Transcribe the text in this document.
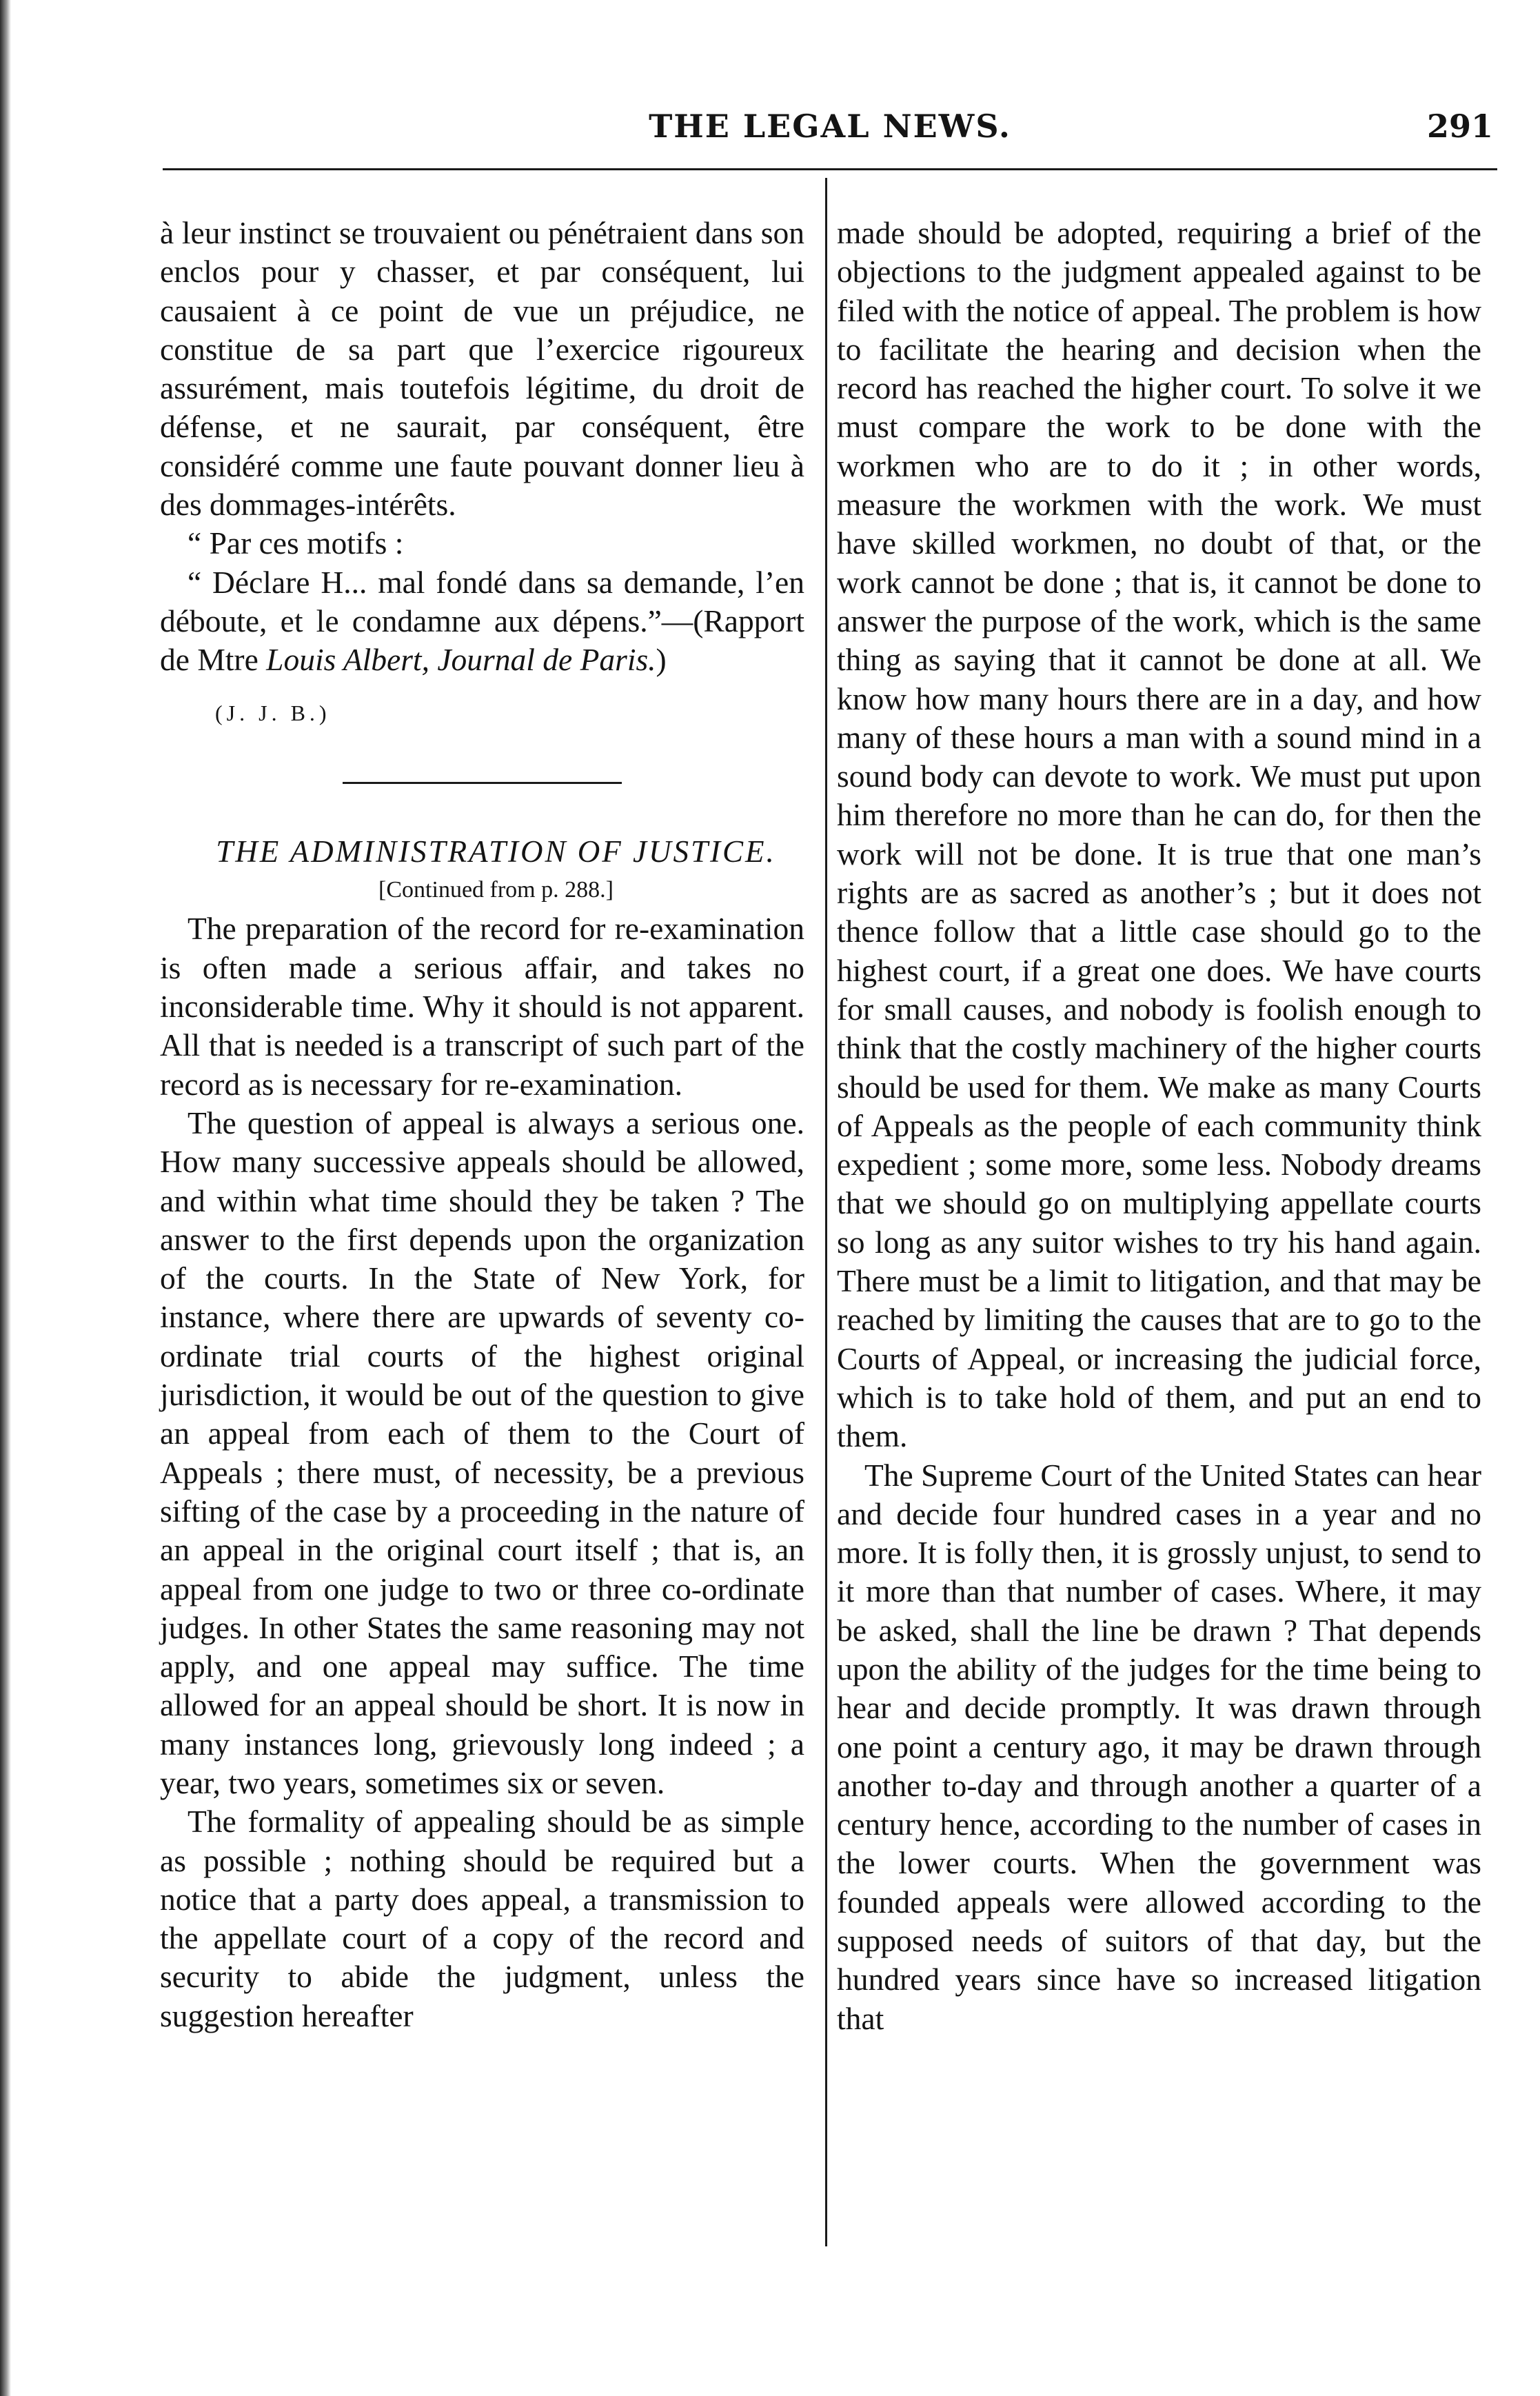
THE LEGAL NEWS.	291

à leur instinct se trouvaient ou pénétraient dans son enclos pour y chasser, et par conséquent, lui causaient à ce point de vue un préjudice, ne constitue de sa part que l’exercice rigoureux assurément, mais toutefois légitime, du droit de défense, et ne saurait, par conséquent, être considéré comme une faute pouvant donner lieu à des dommages-intérêts.

“ Par ces motifs :

“ Déclare H... mal fondé dans sa demande, l’en déboute, et le condamne aux dépens.”—(Rapport de Mtre Louis Albert, Journal de Paris.)

(J. J. B.)

THE ADMINISTRATION OF JUSTICE.

[Continued from p. 288.]

The preparation of the record for re-examination is often made a serious affair, and takes no inconsiderable time. Why it should is not apparent. All that is needed is a transcript of such part of the record as is necessary for re-examination.

The question of appeal is always a serious one. How many successive appeals should be allowed, and within what time should they be taken ? The answer to the first depends upon the organization of the courts. In the State of New York, for instance, where there are upwards of seventy co-ordinate trial courts of the highest original jurisdiction, it would be out of the question to give an appeal from each of them to the Court of Appeals ; there must, of necessity, be a previous sifting of the case by a proceeding in the nature of an appeal in the original court itself ; that is, an appeal from one judge to two or three co-ordinate judges. In other States the same reasoning may not apply, and one appeal may suffice. The time allowed for an appeal should be short. It is now in many instances long, grievously long indeed ; a year, two years, sometimes six or seven.

The formality of appealing should be as simple as possible ; nothing should be required but a notice that a party does appeal, a transmission to the appellate court of a copy of the record and security to abide the judgment, unless the suggestion hereafter

made should be adopted, requiring a brief of the objections to the judgment appealed against to be filed with the notice of appeal. The problem is how to facilitate the hearing and decision when the record has reached the higher court. To solve it we must compare the work to be done with the workmen who are to do it ; in other words, measure the workmen with the work. We must have skilled workmen, no doubt of that, or the work cannot be done ; that is, it cannot be done to answer the purpose of the work, which is the same thing as saying that it cannot be done at all. We know how many hours there are in a day, and how many of these hours a man with a sound mind in a sound body can devote to work. We must put upon him therefore no more than he can do, for then the work will not be done. It is true that one man’s rights are as sacred as another’s ; but it does not thence follow that a little case should go to the highest court, if a great one does. We have courts for small causes, and nobody is foolish enough to think that the costly machinery of the higher courts should be used for them. We make as many Courts of Appeals as the people of each community think expedient ; some more, some less. Nobody dreams that we should go on multiplying appellate courts so long as any suitor wishes to try his hand again. There must be a limit to litigation, and that may be reached by limiting the causes that are to go to the Courts of Appeal, or increasing the judicial force, which is to take hold of them, and put an end to them.

The Supreme Court of the United States can hear and decide four hundred cases in a year and no more. It is folly then, it is grossly unjust, to send to it more than that number of cases. Where, it may be asked, shall the line be drawn ? That depends upon the ability of the judges for the time being to hear and decide promptly. It was drawn through one point a century ago, it may be drawn through another to-day and through another a quarter of a century hence, according to the number of cases in the lower courts. When the government was founded appeals were allowed according to the supposed needs of suitors of that day, but the hundred years since have so increased litigation that
